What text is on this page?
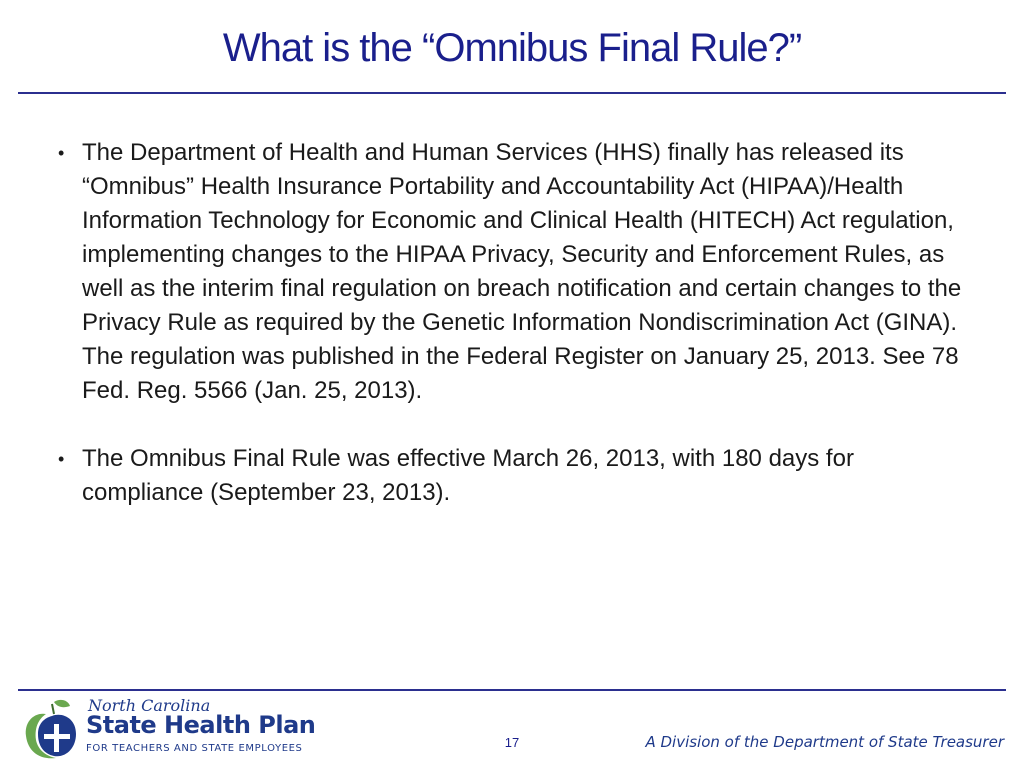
What is the “Omnibus Final Rule?”
• The Department of Health and Human Services (HHS) finally has released its “Omnibus” Health Insurance Portability and Accountability Act (HIPAA)/Health Information Technology for Economic and Clinical Health (HITECH) Act regulation, implementing changes to the HIPAA Privacy, Security and Enforcement Rules, as well as the interim final regulation on breach notification and certain changes to the Privacy Rule as required by the Genetic Information Nondiscrimination Act (GINA). The regulation was published in the Federal Register on January 25, 2013. See 78 Fed. Reg. 5566 (Jan. 25, 2013).
• The Omnibus Final Rule was effective March 26, 2013, with 180 days for compliance (September 23, 2013).
North Carolina
State Health Plan
FOR TEACHERS AND STATE EMPLOYEES	17	A Division of the Department of State Treasurer
